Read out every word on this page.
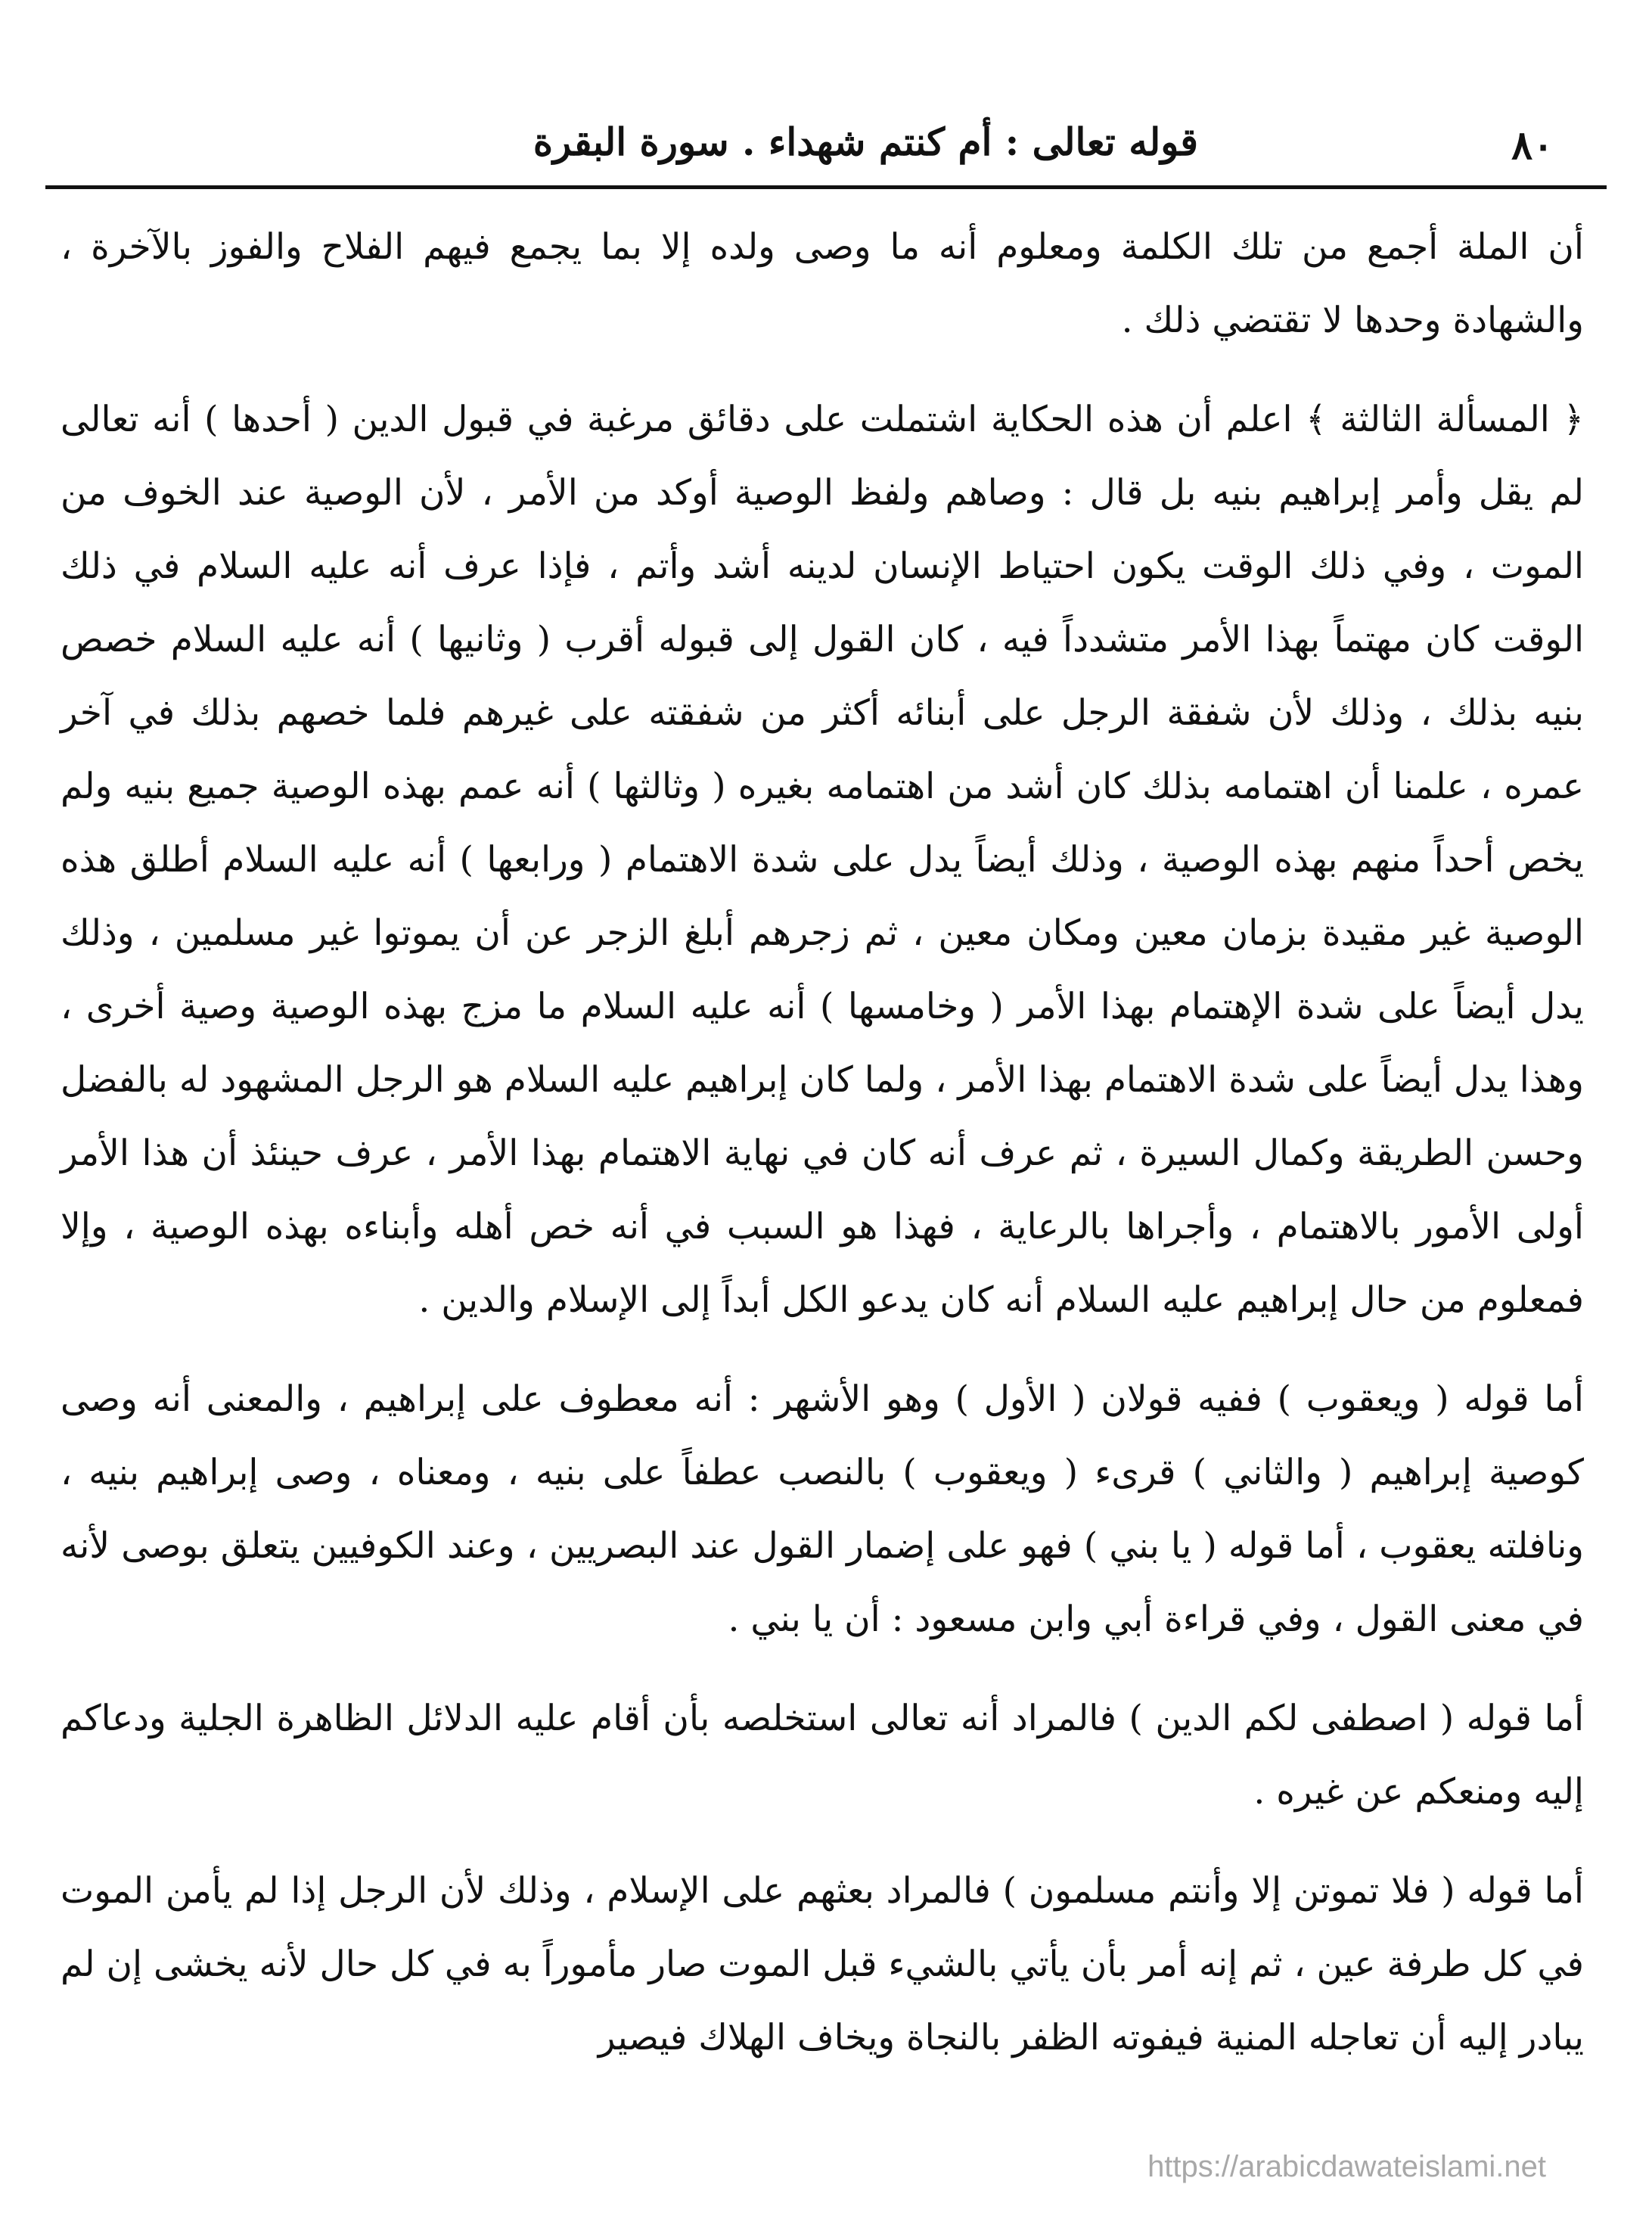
٨٠
قوله تعالى : أم كنتم شهداء . سورة البقرة

أن الملة أجمع من تلك الكلمة ومعلوم أنه ما وصى ولده إلا بما يجمع فيهم الفلاح والفوز بالآخرة ، والشهادة وحدها لا تقتضي ذلك .

﴿ المسألة الثالثة ﴾ اعلم أن هذه الحكاية اشتملت على دقائق مرغبة في قبول الدين ( أحدها ) أنه تعالى لم يقل وأمر إبراهيم بنيه بل قال : وصاهم ولفظ الوصية أوكد من الأمر ، لأن الوصية عند الخوف من الموت ، وفي ذلك الوقت يكون احتياط الإنسان لدينه أشد وأتم ، فإذا عرف أنه عليه السلام في ذلك الوقت كان مهتماً بهذا الأمر متشدداً فيه ، كان القول إلى قبوله أقرب ( وثانيها ) أنه عليه السلام خصص بنيه بذلك ، وذلك لأن شفقة الرجل على أبنائه أكثر من شفقته على غيرهم فلما خصهم بذلك في آخر عمره ، علمنا أن اهتمامه بذلك كان أشد من اهتمامه بغيره ( وثالثها ) أنه عمم بهذه الوصية جميع بنيه ولم يخص أحداً منهم بهذه الوصية ، وذلك أيضاً يدل على شدة الاهتمام ( ورابعها ) أنه عليه السلام أطلق هذه الوصية غير مقيدة بزمان معين ومكان معين ، ثم زجرهم أبلغ الزجر عن أن يموتوا غير مسلمين ، وذلك يدل أيضاً على شدة الإهتمام بهذا الأمر ( وخامسها ) أنه عليه السلام ما مزج بهذه الوصية وصية أخرى ، وهذا يدل أيضاً على شدة الاهتمام بهذا الأمر ، ولما كان إبراهيم عليه السلام هو الرجل المشهود له بالفضل وحسن الطريقة وكمال السيرة ، ثم عرف أنه كان في نهاية الاهتمام بهذا الأمر ، عرف حينئذ أن هذا الأمر أولى الأمور بالاهتمام ، وأجراها بالرعاية ، فهذا هو السبب في أنه خص أهله وأبناءه بهذه الوصية ، وإلا فمعلوم من حال إبراهيم عليه السلام أنه كان يدعو الكل أبداً إلى الإسلام والدين .

أما قوله ( ويعقوب ) ففيه قولان ( الأول ) وهو الأشهر : أنه معطوف على إبراهيم ، والمعنى أنه وصى كوصية إبراهيم ( والثاني ) قرىء ( ويعقوب ) بالنصب عطفاً على بنيه ، ومعناه ، وصى إبراهيم بنيه ، ونافلته يعقوب ، أما قوله ( يا بني ) فهو على إضمار القول عند البصريين ، وعند الكوفيين يتعلق بوصى لأنه في معنى القول ، وفي قراءة أبي وابن مسعود : أن يا بني .

أما قوله ( اصطفى لكم الدين ) فالمراد أنه تعالى استخلصه بأن أقام عليه الدلائل الظاهرة الجلية ودعاكم إليه ومنعكم عن غيره .

أما قوله ( فلا تموتن إلا وأنتم مسلمون ) فالمراد بعثهم على الإسلام ، وذلك لأن الرجل إذا لم يأمن الموت في كل طرفة عين ، ثم إنه أمر بأن يأتي بالشيء قبل الموت صار مأموراً به في كل حال لأنه يخشى إن لم يبادر إليه أن تعاجله المنية فيفوته الظفر بالنجاة ويخاف الهلاك فيصير

https://arabicdawateislami.net
